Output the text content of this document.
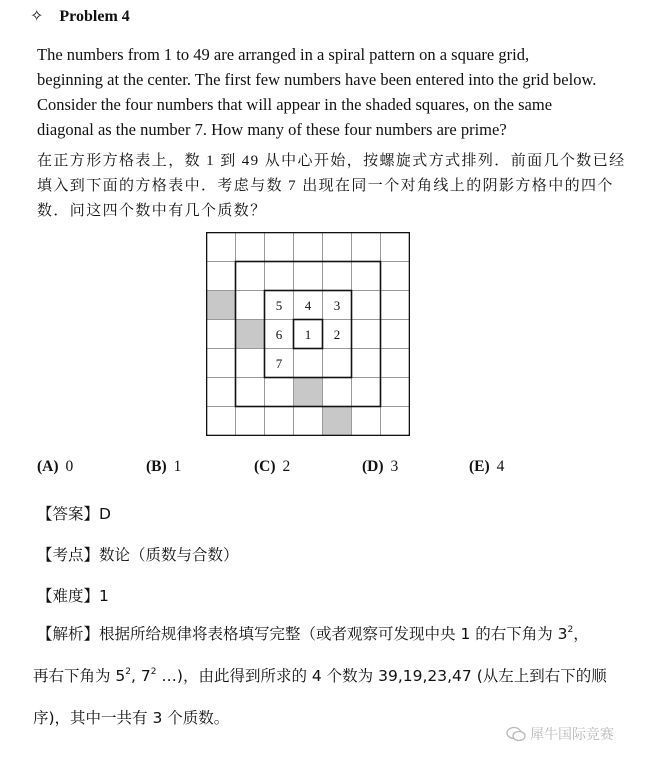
✧ Problem 4
The numbers from 1 to 49 are arranged in a spiral pattern on a square grid, beginning at the center. The first few numbers have been entered into the grid below. Consider the four numbers that will appear in the shaded squares, on the same diagonal as the number 7. How many of these four numbers are prime?
在正方形方格表上，数 1 到 49 从中心开始，按螺旋式方式排列．前面几个数已经
填入到下面的方格表中．考虑与数 7 出现在同一个对角线上的阴影方格中的四个
数．问这四个数中有几个质数？
5 4 3
6 1 2
7
(A) 0	(B) 1	(C) 2	(D) 3	(E) 4
【答案】D
【考点】数论（质数与合数）
【难度】1
【解析】根据所给规律将表格填写完整（或者观察可发现中央 1 的右下角为 $3^2$，
再右下角为 $5^2$, $7^2$ …)，由此得到所求的 4 个数为 39,19,23,47 (从左上到右下的顺
序)，其中一共有 3 个质数。
犀牛国际竞赛
